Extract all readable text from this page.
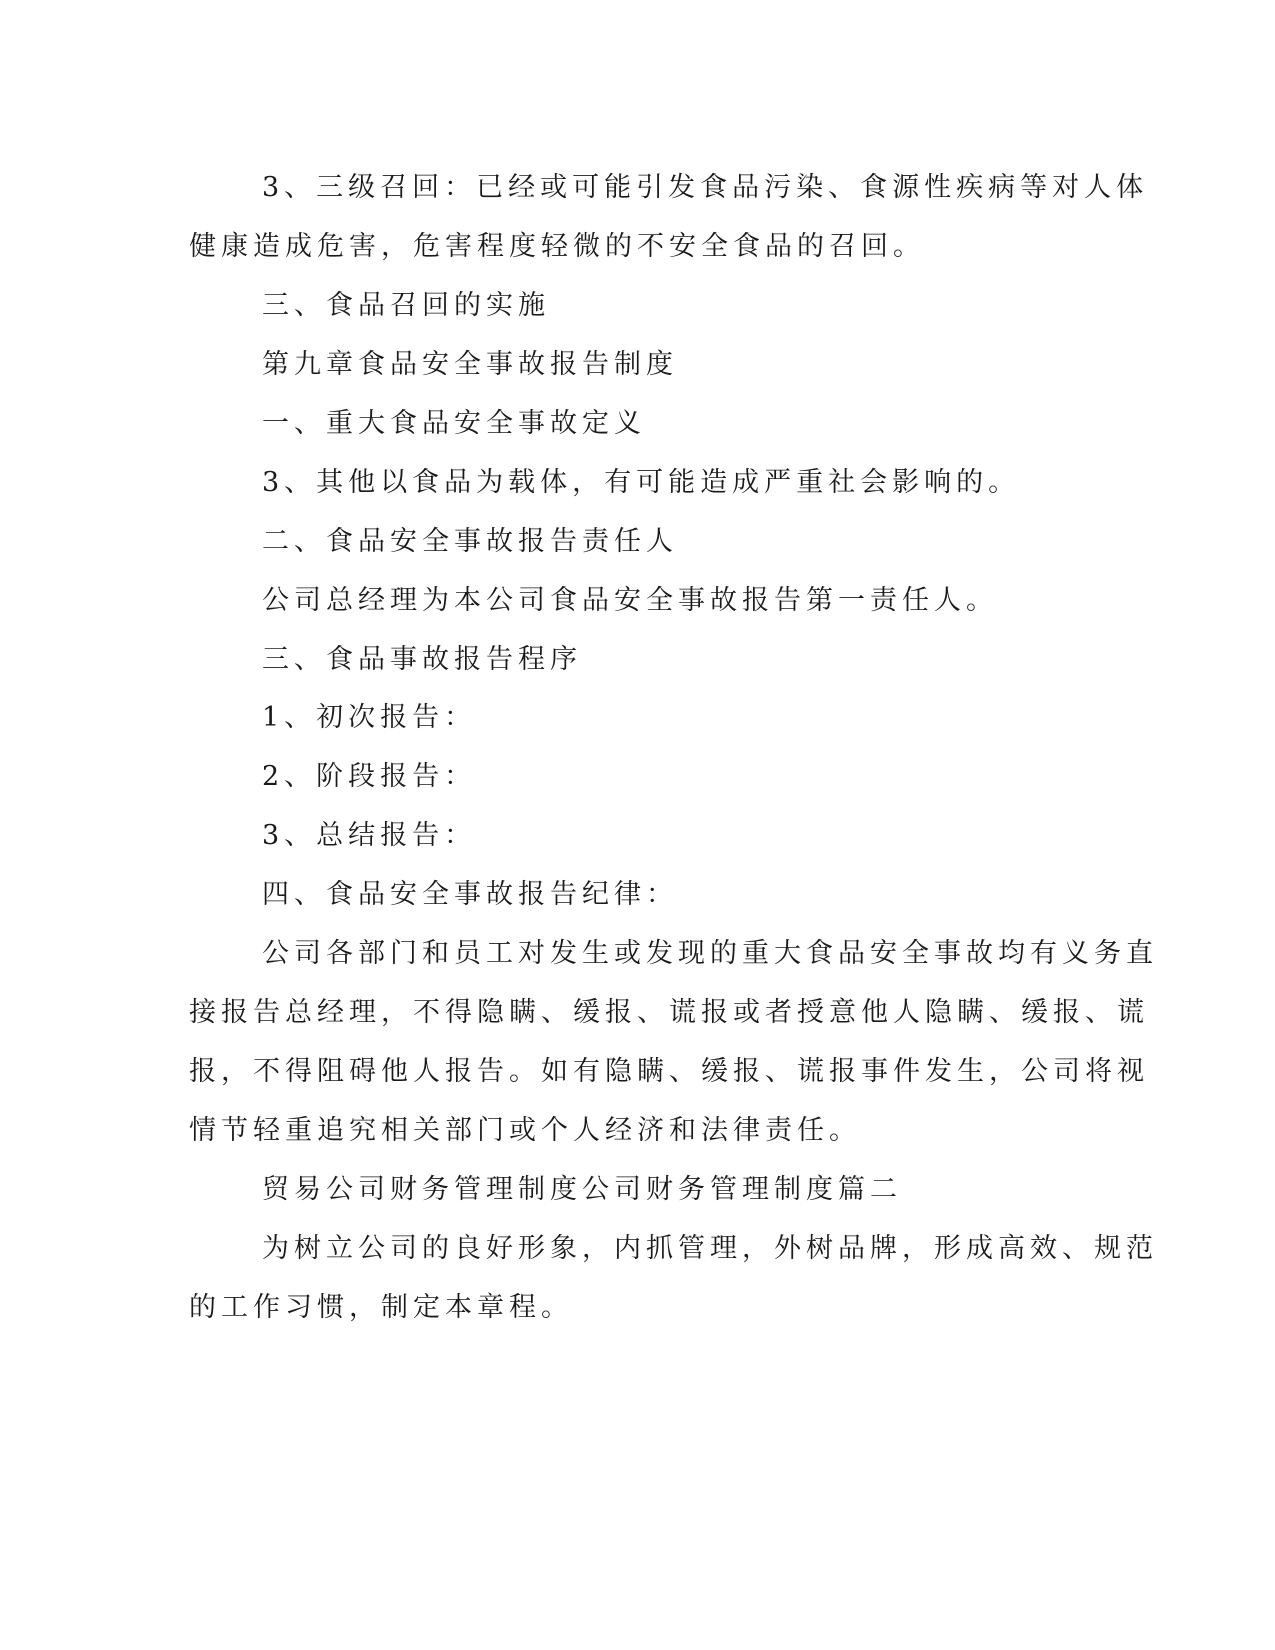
3、三级召回：已经或可能引发食品污染、食源性疾病等对人体
健康造成危害，危害程度轻微的不安全食品的召回。
三、食品召回的实施
第九章食品安全事故报告制度
一、重大食品安全事故定义
3、其他以食品为载体，有可能造成严重社会影响的。
二、食品安全事故报告责任人
公司总经理为本公司食品安全事故报告第一责任人。
三、食品事故报告程序
1、初次报告：
2、阶段报告：
3、总结报告：
四、食品安全事故报告纪律：
公司各部门和员工对发生或发现的重大食品安全事故均有义务直
接报告总经理，不得隐瞒、缓报、谎报或者授意他人隐瞒、缓报、谎
报，不得阻碍他人报告。如有隐瞒、缓报、谎报事件发生，公司将视
情节轻重追究相关部门或个人经济和法律责任。
贸易公司财务管理制度公司财务管理制度篇二
为树立公司的良好形象，内抓管理，外树品牌，形成高效、规范
的工作习惯，制定本章程。
